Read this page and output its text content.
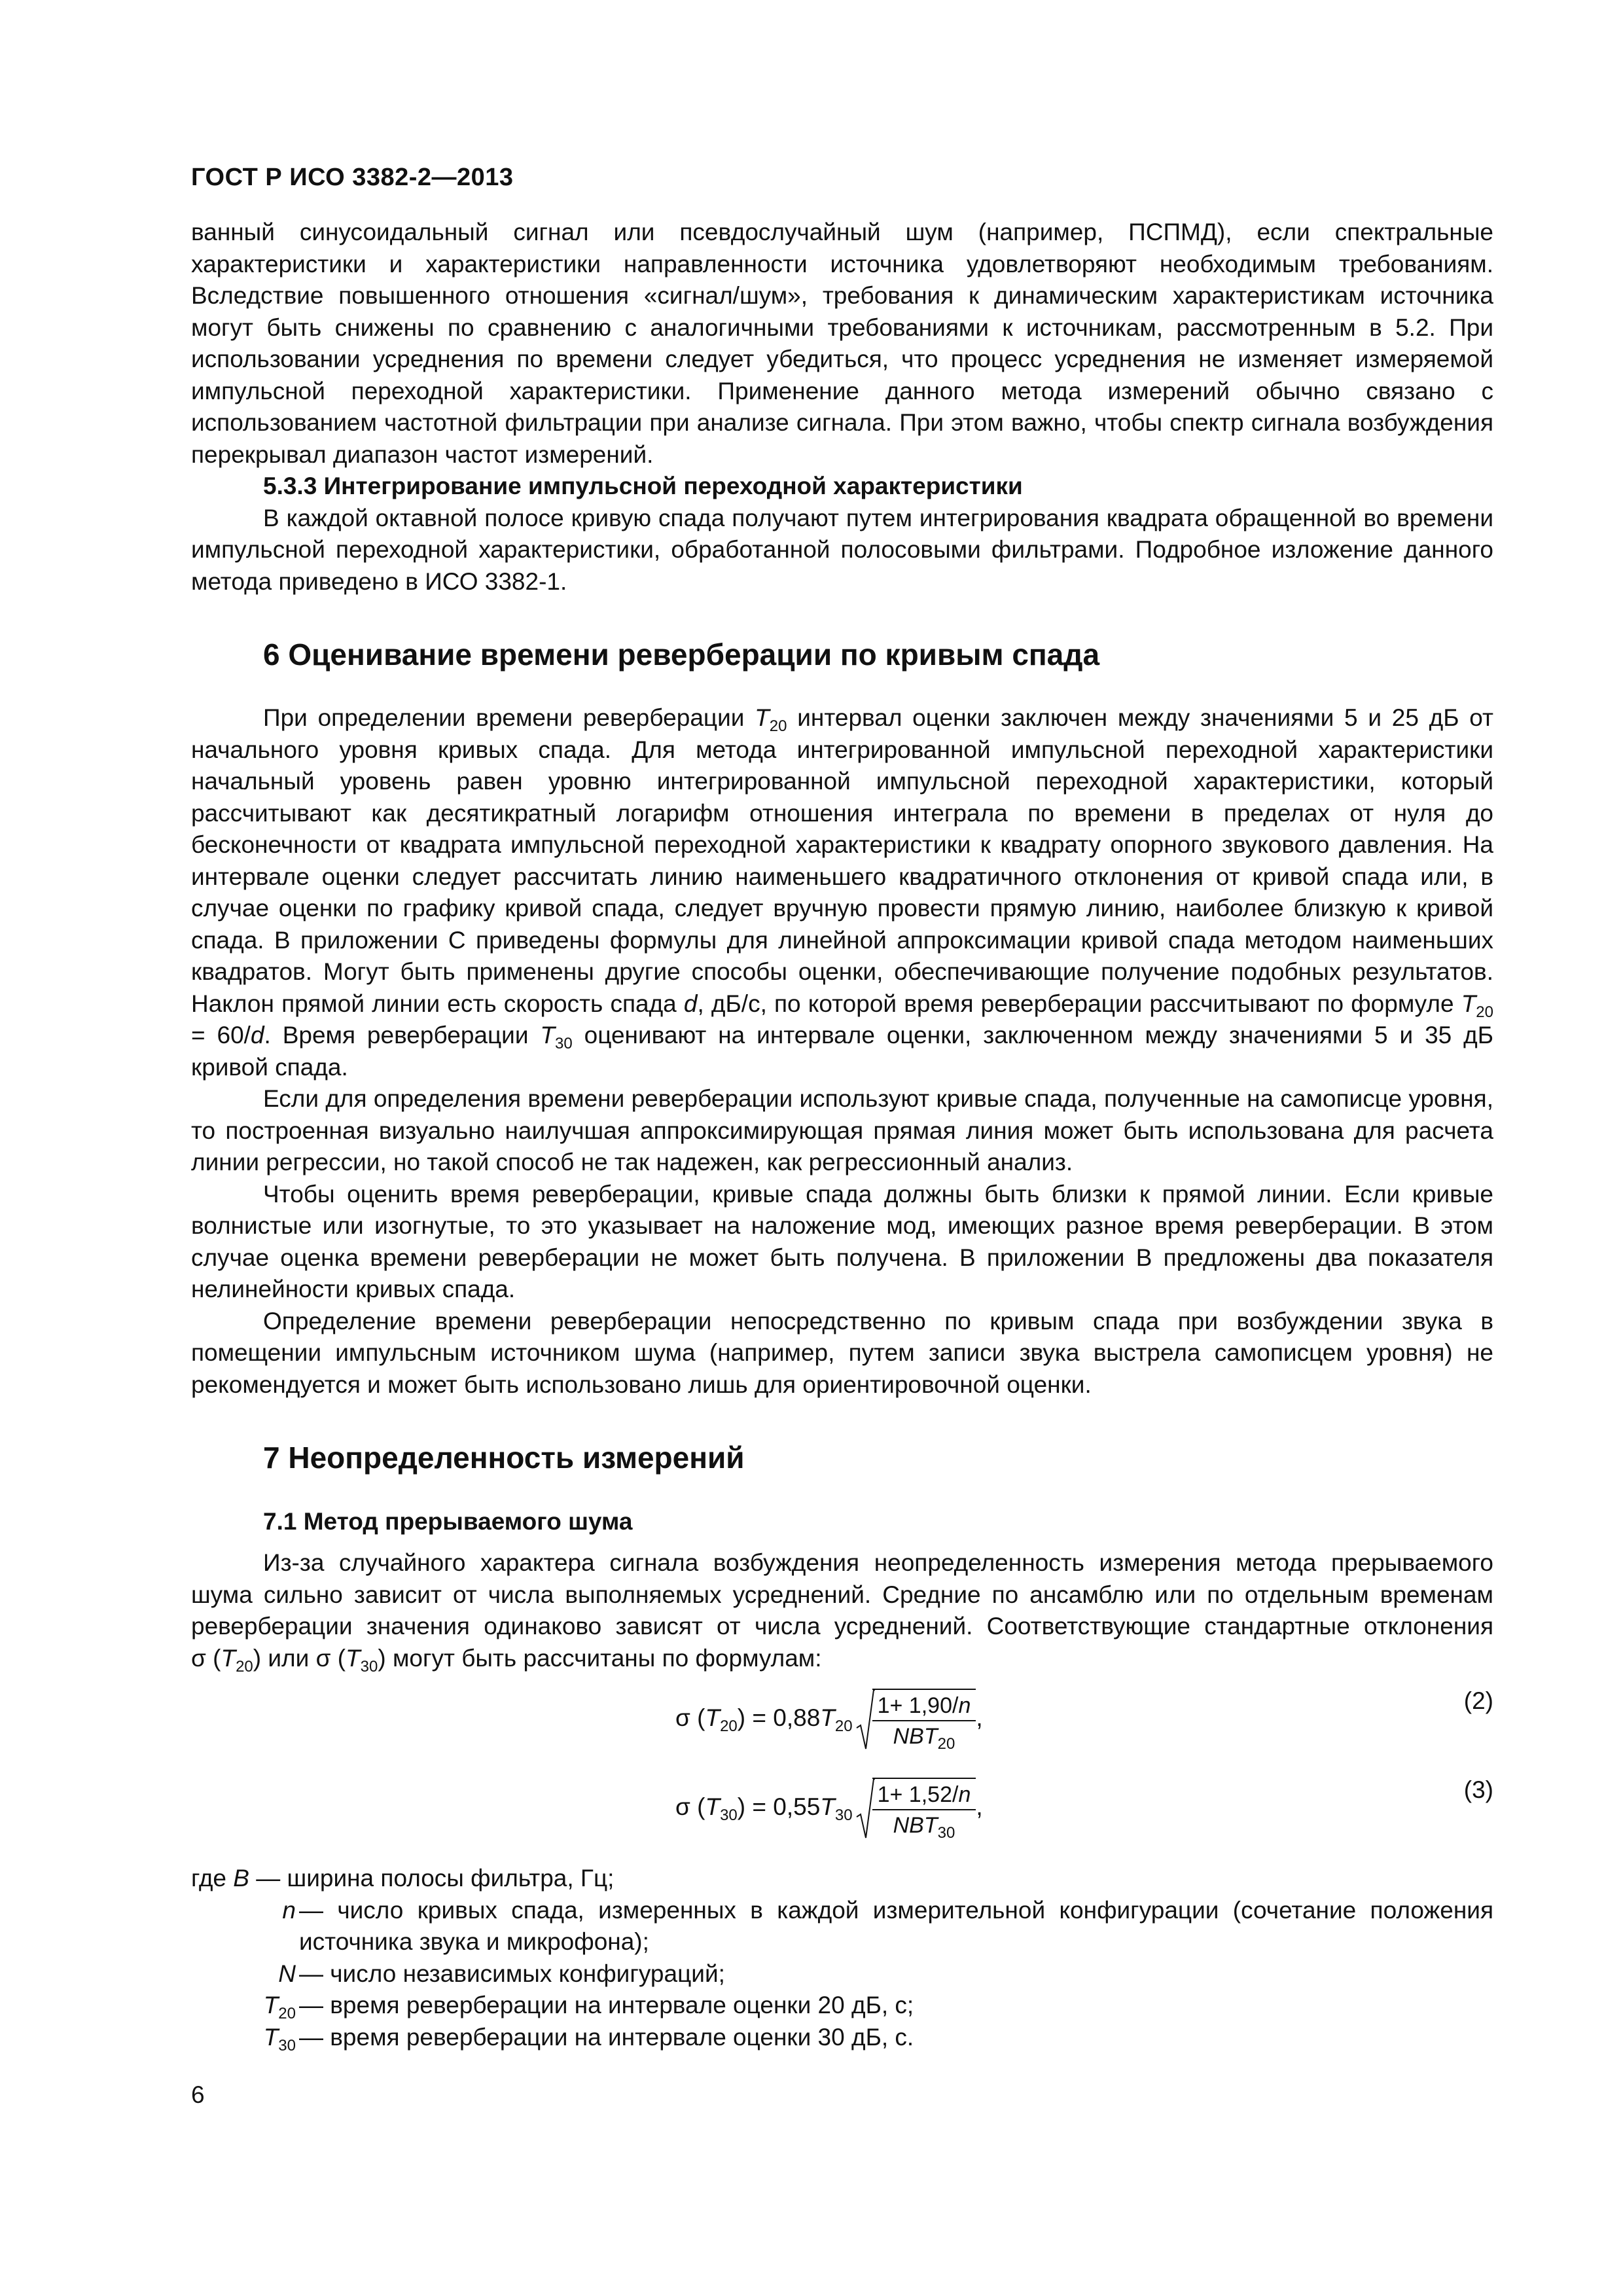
ГОСТ Р ИСО 3382-2—2013

ванный синусоидальный сигнал или псевдослучайный шум (например, ПСПМД), если спектральные характеристики и характеристики направленности источника удовлетворяют необходимым требованиям. Вследствие повышенного отношения «сигнал/шум», требования к динамическим характеристикам источника могут быть снижены по сравнению с аналогичными требованиями к источникам, рассмотренным в 5.2. При использовании усреднения по времени следует убедиться, что процесс усреднения не изменяет измеряемой импульсной переходной характеристики. Применение данного метода измерений обычно связано с использованием частотной фильтрации при анализе сигнала. При этом важно, чтобы спектр сигнала возбуждения перекрывал диапазон частот измерений.

5.3.3 Интегрирование импульсной переходной характеристики

В каждой октавной полосе кривую спада получают путем интегрирования квадрата обращенной во времени импульсной переходной характеристики, обработанной полосовыми фильтрами. Подробное изложение данного метода приведено в ИСО 3382-1.

6 Оценивание времени реверберации по кривым спада

При определении времени реверберации $T_{20}$ интервал оценки заключен между значениями 5 и 25 дБ от начального уровня кривых спада. Для метода интегрированной импульсной переходной характеристики начальный уровень равен уровню интегрированной импульсной переходной характеристики, который рассчитывают как десятикратный логарифм отношения интеграла по времени в пределах от нуля до бесконечности от квадрата импульсной переходной характеристики к квадрату опорного звукового давления. На интервале оценки следует рассчитать линию наименьшего квадратичного отклонения от кривой спада или, в случае оценки по графику кривой спада, следует вручную провести прямую линию, наиболее близкую к кривой спада. В приложении С приведены формулы для линейной аппроксимации кривой спада методом наименьших квадратов. Могут быть применены другие способы оценки, обеспечивающие получение подобных результатов. Наклон прямой линии есть скорость спада d, дБ/с, по которой время реверберации рассчитывают по формуле $T_{20} = 60/d$. Время реверберации $T_{30}$ оценивают на интервале оценки, заключенном между значениями 5 и 35 дБ кривой спада.

Если для определения времени реверберации используют кривые спада, полученные на самописце уровня, то построенная визуально наилучшая аппроксимирующая прямая линия может быть использована для расчета линии регрессии, но такой способ не так надежен, как регрессионный анализ.

Чтобы оценить время реверберации, кривые спада должны быть близки к прямой линии. Если кривые волнистые или изогнутые, то это указывает на наложение мод, имеющих разное время реверберации. В этом случае оценка времени реверберации не может быть получена. В приложении В предложены два показателя нелинейности кривых спада.

Определение времени реверберации непосредственно по кривым спада при возбуждении звука в помещении импульсным источником шума (например, путем записи звука выстрела самописцем уровня) не рекомендуется и может быть использовано лишь для ориентировочной оценки.

7 Неопределенность измерений
7.1 Метод прерываемого шума

Из-за случайного характера сигнала возбуждения неопределенность измерения метода прерываемого шума сильно зависит от числа выполняемых усреднений. Средние по ансамблю или по отдельным временам реверберации значения одинаково зависят от числа усреднений. Соответствующие стандартные отклонения σ $(T_{20})$ или σ $(T_{30})$ могут быть рассчитаны по формулам:

σ $(T_{20}) = 0,88T_{20} \frac{1+ 1,90/n}{NBT_{20}}$ ,
(2)
σ $(T_{30}) = 0,55T_{30} \frac{1+ 1,52/n}{NBT_{30}}$ ,
(3)
где B — ширина полосы фильтра, Гц;
n — число кривых спада, измеренных в каждой измерительной конфигурации (сочетание положения источника звука и микрофона);
N — число независимых конфигураций;
$T_{20}$ — время реверберации на интервале оценки 20 дБ, с;
$T_{30}$ — время реверберации на интервале оценки 30 дБ, с.
6
